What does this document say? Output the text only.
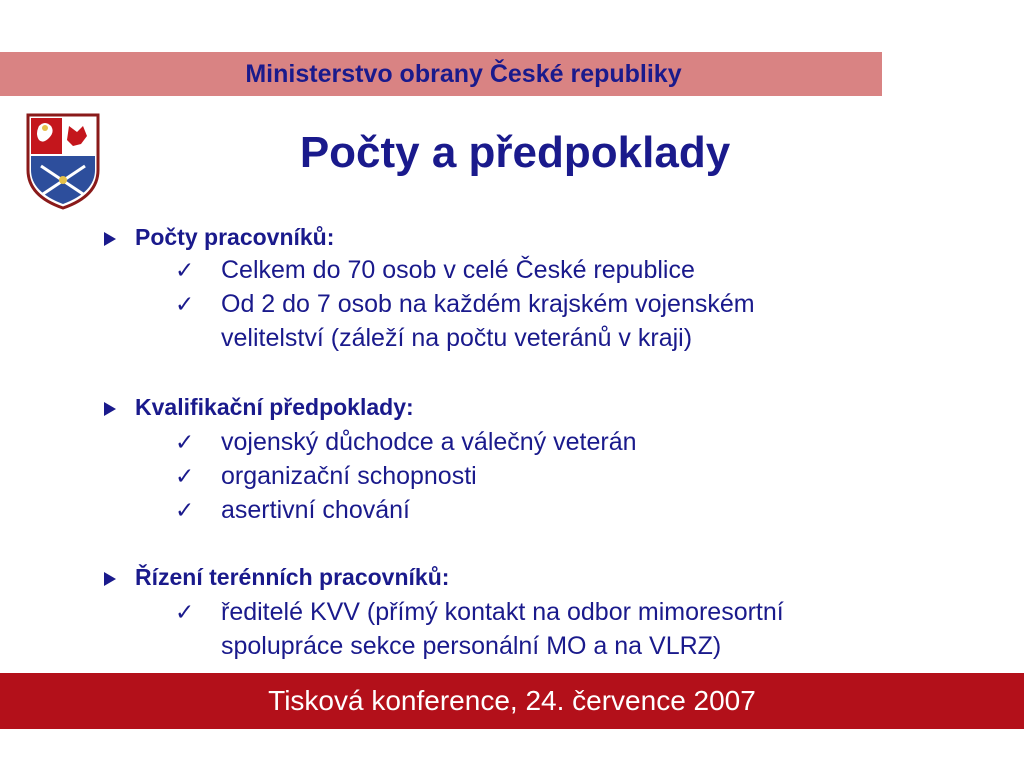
Ministerstvo obrany České republiky
Počty a předpoklady
Počty pracovníků:
✓ Celkem do 70 osob v celé České republice
✓ Od 2 do 7 osob na každém krajském vojenském
velitelství (záleží na počtu veteránů v kraji)
Kvalifikační předpoklady:
✓ vojenský důchodce a válečný veterán
✓ organizační schopnosti
✓ asertivní chování
Řízení terénních pracovníků:
✓ ředitelé KVV (přímý kontakt na odbor mimoresortní
spolupráce sekce personální MO a na VLRZ)
Tisková konference, 24. července 2007
